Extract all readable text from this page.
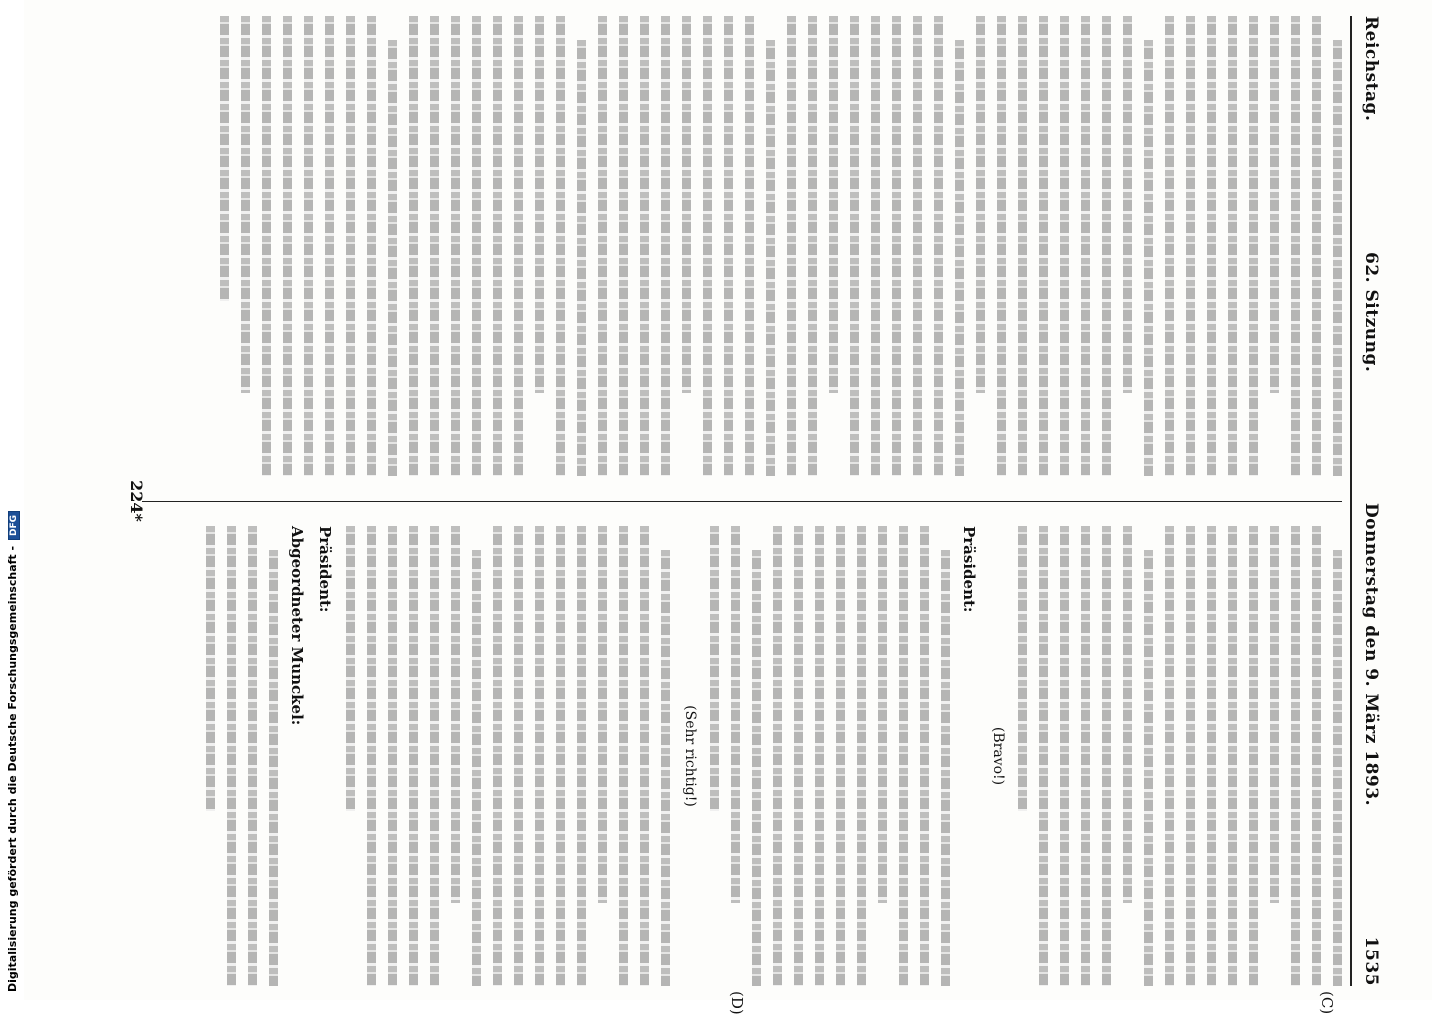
Digitalisierung gefördert durch die Deutsche Forschungsgemeinschaft -DFG
Reichstag.
62. Sitzung.
Donnerstag den 9. März 1893.
1535
(C)
(D)
(Bravo!)
Präsident:
(Sehr richtig!)
Präsident:
Abgeordneter Munckel:
224*
